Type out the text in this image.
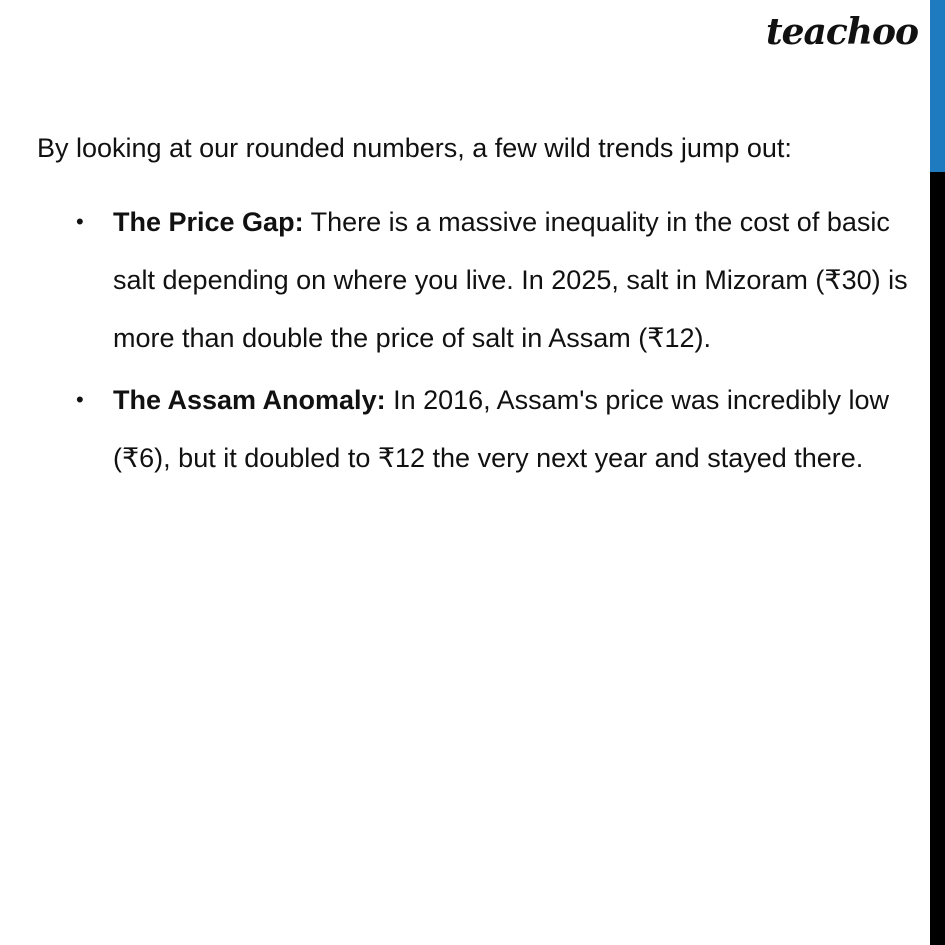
teachoo

By looking at our rounded numbers, a few wild trends jump out:

• The Price Gap: There is a massive inequality in the cost of basic salt depending on where you live. In 2025, salt in Mizoram (₹30) is more than double the price of salt in Assam (₹12).
• The Assam Anomaly: In 2016, Assam's price was incredibly low (₹6), but it doubled to ₹12 the very next year and stayed there.
